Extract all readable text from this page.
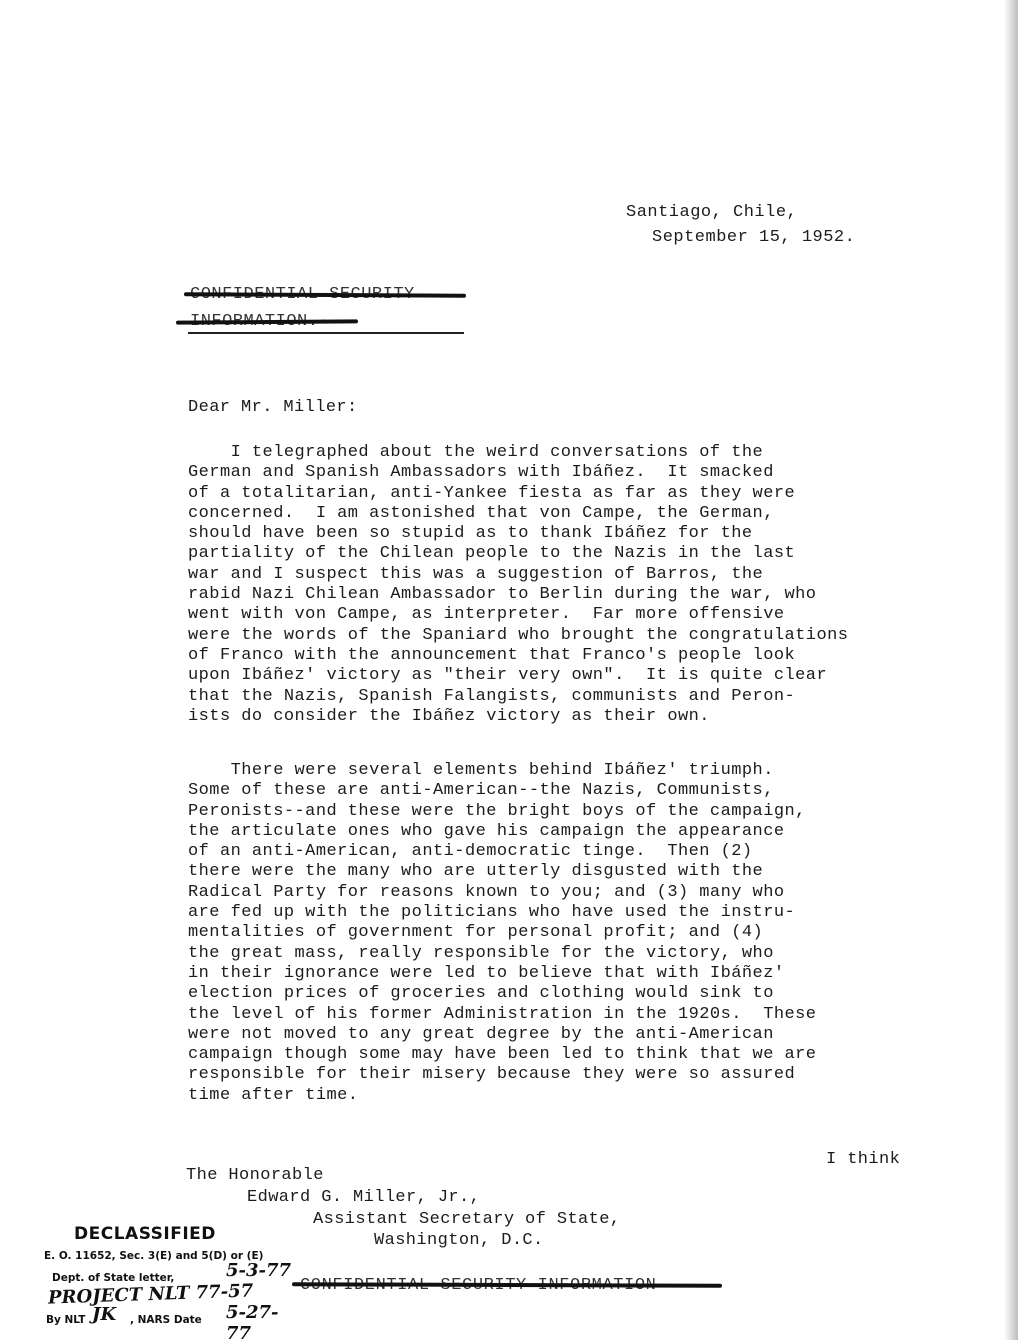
Santiago, Chile,
September 15, 1952.
Dear Mr. Miller:
I telegraphed about the weird conversations of the
German and Spanish Ambassadors with Ibáñez.  It smacked
of a totalitarian, anti-Yankee fiesta as far as they were
concerned.  I am astonished that von Campe, the German,
should have been so stupid as to thank Ibáñez for the
partiality of the Chilean people to the Nazis in the last
war and I suspect this was a suggestion of Barros, the
rabid Nazi Chilean Ambassador to Berlin during the war, who
went with von Campe, as interpreter.  Far more offensive
were the words of the Spaniard who brought the congratulations
of Franco with the announcement that Franco's people look
upon Ibáñez' victory as "their very own".  It is quite clear
that the Nazis, Spanish Falangists, communists and Peron-
ists do consider the Ibáñez victory as their own.
There were several elements behind Ibáñez' triumph.
Some of these are anti-American--the Nazis, Communists,
Peronists--and these were the bright boys of the campaign,
the articulate ones who gave his campaign the appearance
of an anti-American, anti-democratic tinge.  Then (2)
there were the many who are utterly disgusted with the
Radical Party for reasons known to you; and (3) many who
are fed up with the politicians who have used the instru-
mentalities of government for personal profit; and (4)
the great mass, really responsible for the victory, who
in their ignorance were led to believe that with Ibáñez'
election prices of groceries and clothing would sink to
the level of his former Administration in the 1920s.  These
were not moved to any great degree by the anti-American
campaign though some may have been led to think that we are
responsible for their misery because they were so assured
time after time.
I think
The Honorable
Edward G. Miller, Jr.,
Assistant Secretary of State,
Washington, D.C.
DECLASSIFIED
E. O. 11652, Sec. 3(E) and 5(D) or (E)
Dept. of State letter,	5-3-77
PROJECT NLT 77-57
By NLT JK , NARS Date 5-27-77
